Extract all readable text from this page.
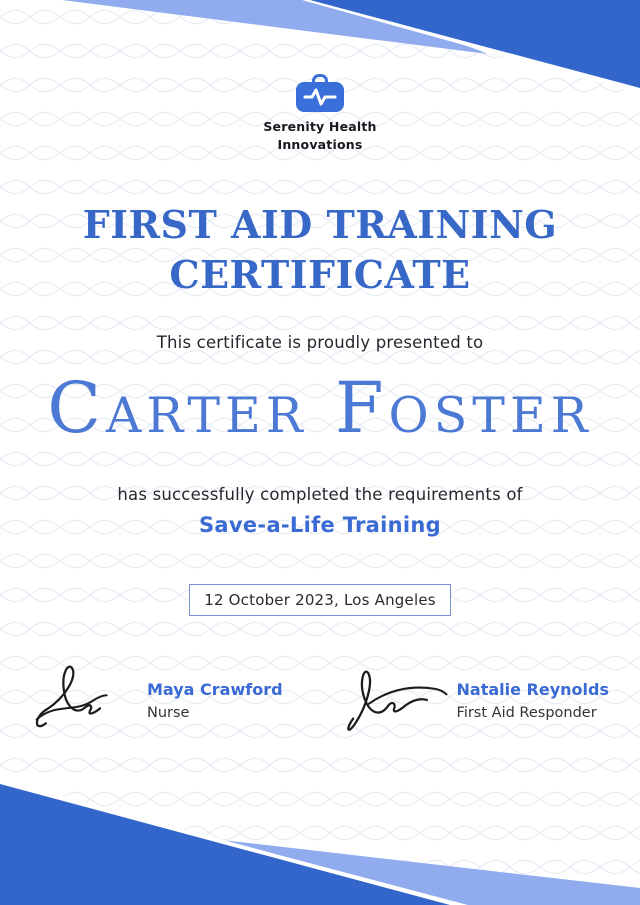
Serenity Health Innovations
FIRST AID TRAINING
CERTIFICATE
This certificate is proudly presented to
Carter Foster
has successfully completed the requirements of
Save-a-Life Training
12 October 2023, Los Angeles
Maya Crawford
Nurse
Natalie Reynolds
First Aid Responder
